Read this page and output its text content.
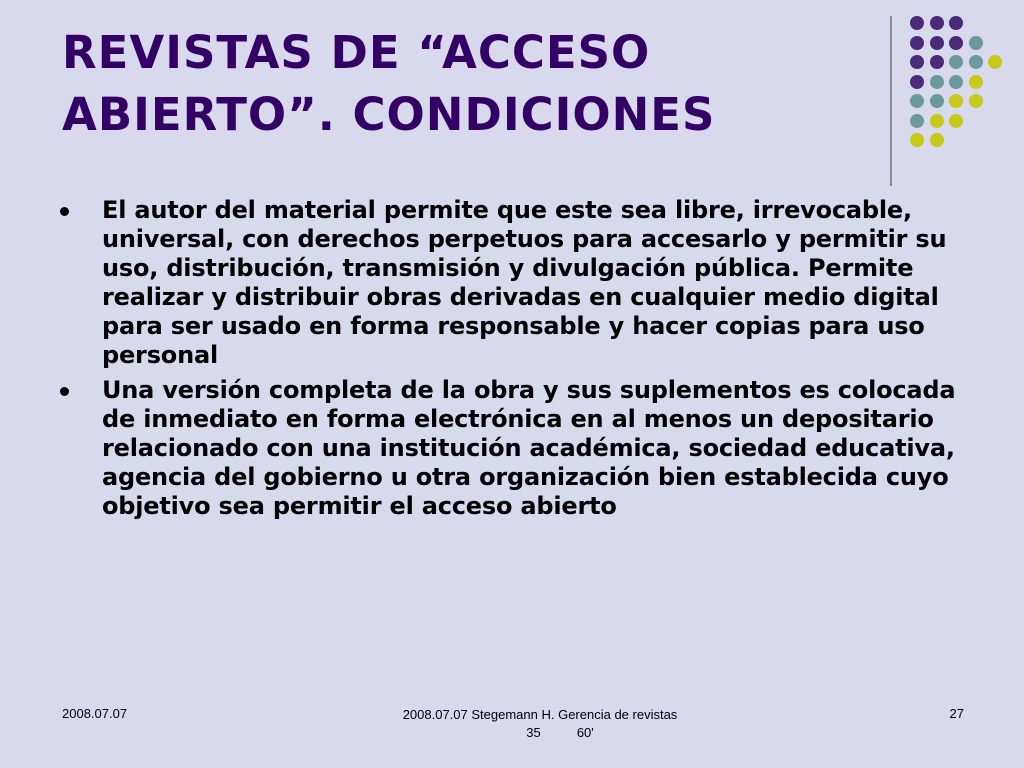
REVISTAS DE “ACCESO ABIERTO”. CONDICIONES
El autor del material permite que este sea libre, irrevocable, universal, con derechos perpetuos para accesarlo y permitir su uso, distribución, transmisión y divulgación pública. Permite realizar y distribuir obras derivadas en cualquier medio digital para ser usado en forma responsable y hacer copias para uso personal
Una versión completa de la obra y sus suplementos es colocada de inmediato en forma electrónica en al menos un depositario relacionado con una institución académica, sociedad educativa, agencia del gobierno u otra organización bien establecida cuyo objetivo sea permitir el acceso abierto
2008.07.07	2008.07.07 Stegemann H. Gerencia de revistas
35          60'
27
